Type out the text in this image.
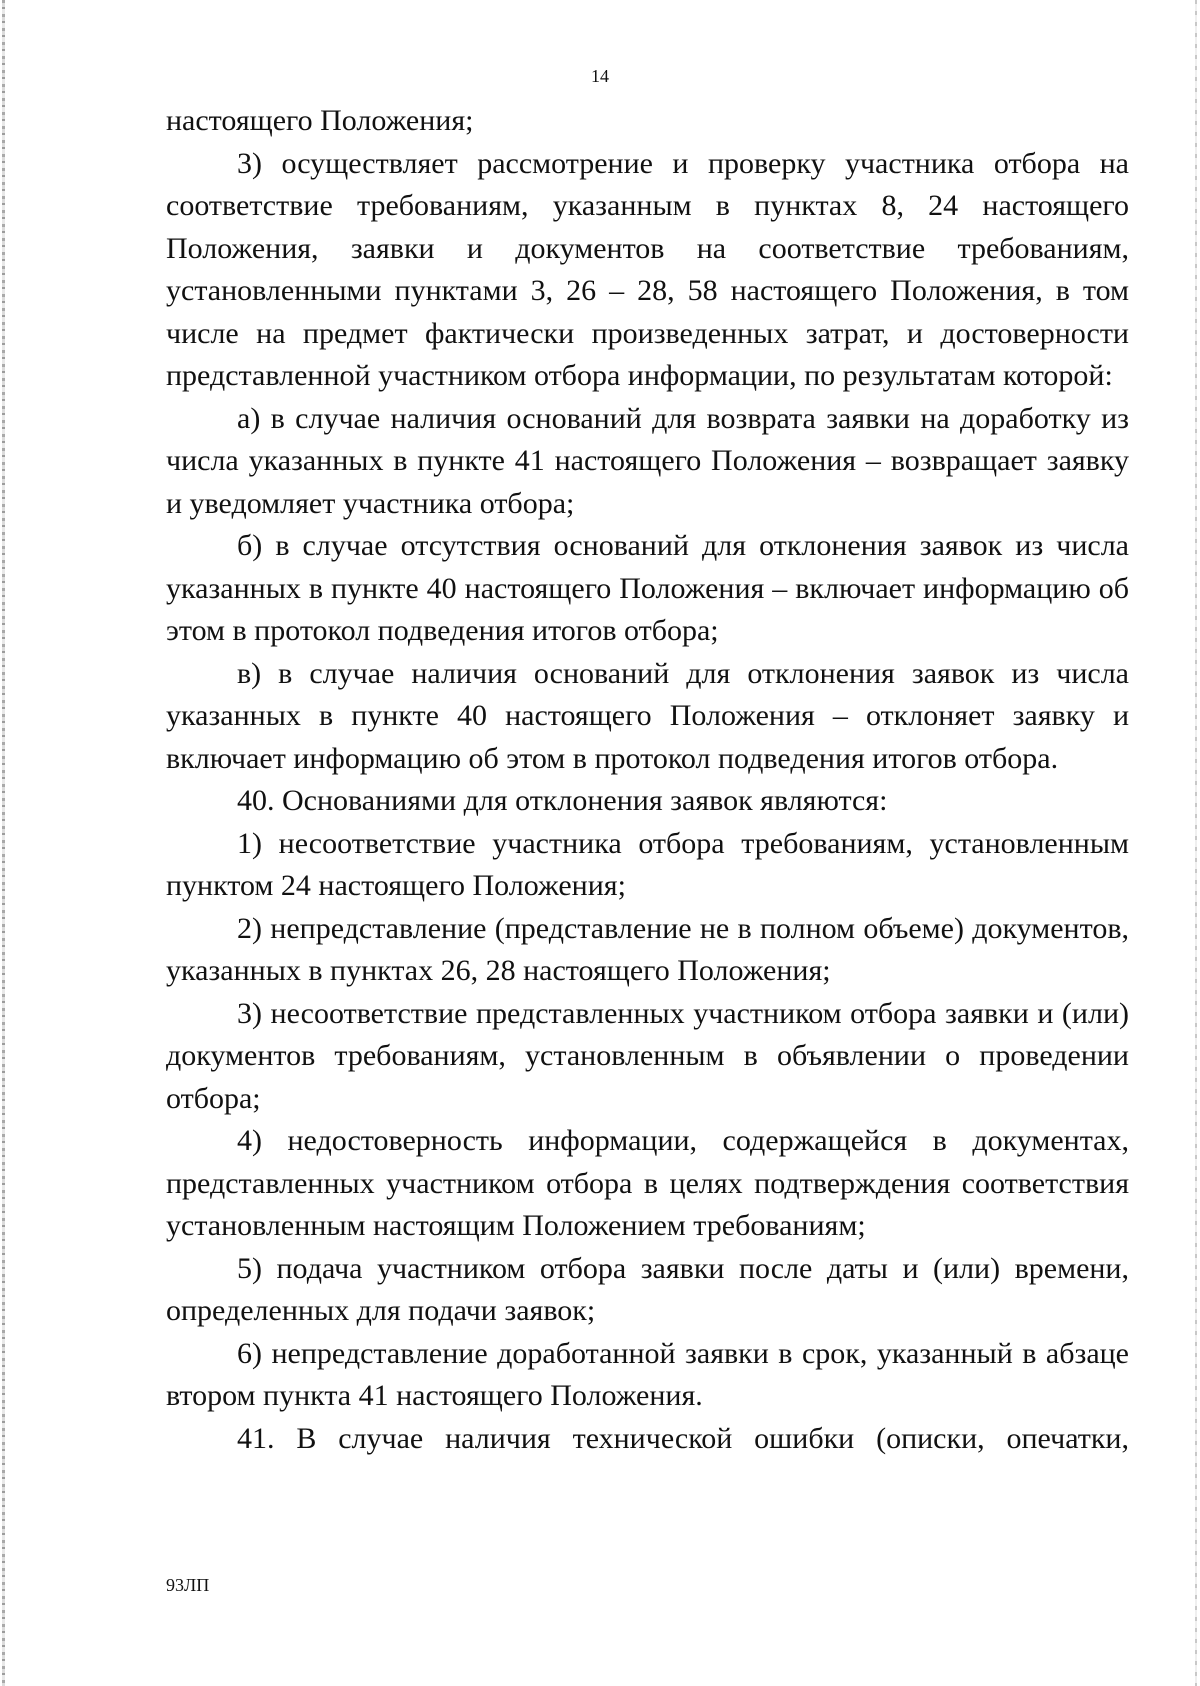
14

настоящего Положения;

3) осуществляет рассмотрение и проверку участника отбора на соответствие требованиям, указанным в пунктах 8, 24 настоящего Положения, заявки и документов на соответствие требованиям, установленными пунктами 3, 26 – 28, 58 настоящего Положения, в том числе на предмет фактически произведенных затрат, и достоверности представленной участником отбора информации, по результатам которой:

а) в случае наличия оснований для возврата заявки на доработку из числа указанных в пункте 41 настоящего Положения – возвращает заявку и уведомляет участника отбора;

б) в случае отсутствия оснований для отклонения заявок из числа указанных в пункте 40 настоящего Положения – включает информацию об этом в протокол подведения итогов отбора;

в) в случае наличия оснований для отклонения заявок из числа указанных в пункте 40 настоящего Положения – отклоняет заявку и включает информацию об этом в протокол подведения итогов отбора.

40. Основаниями для отклонения заявок являются:

1) несоответствие участника отбора требованиям, установленным пунктом 24 настоящего Положения;

2) непредставление (представление не в полном объеме) документов, указанных в пунктах 26, 28 настоящего Положения;

3) несоответствие представленных участником отбора заявки и (или) документов требованиям, установленным в объявлении о проведении отбора;

4) недостоверность информации, содержащейся в документах, представленных участником отбора в целях подтверждения соответствия установленным настоящим Положением требованиям;

5) подача участником отбора заявки после даты и (или) времени, определенных для подачи заявок;

6) непредставление доработанной заявки в срок, указанный в абзаце втором пункта 41 настоящего Положения.

41. В случае наличия технической ошибки (описки, опечатки,

93ЛП
